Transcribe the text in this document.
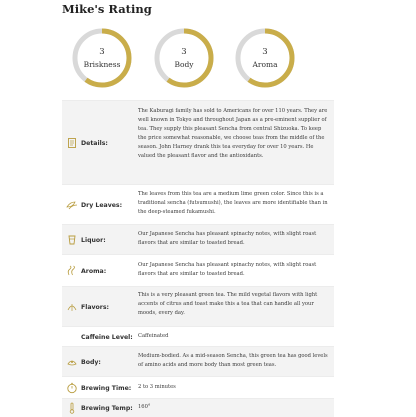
Mike's Rating
3
Briskness
3
Body
3
Aroma
Details:
The Kaburagi family has sold to Americans for over 110 years. They are well known in Tokyo and throughout Japan as a pre-eminent supplier of tea. They supply this pleasant Sencha from central Shizuoka. To keep the price somewhat reasonable, we choose teas from the middle of the season. John Harney drank this tea everyday for over 10 years. He valued the pleasant flavor and the antioxidants.
Dry Leaves:
The leaves from this tea are a medium lime green color. Since this is a traditional sencha (futsumushi), the leaves are more identifiable than in the deep-steamed fukamushi.
Liquor:
Our Japanese Sencha has pleasant spinachy notes, with slight roast flavors that are similar to toasted bread.
Aroma:
Our Japanese Sencha has pleasant spinachy notes, with slight roast flavors that are similar to toasted bread.
Flavors:
This is a very pleasant green tea. The mild vegetal flavors with light accents of citrus and toast make this a tea that can handle all your moods, every day.
Caffeine Level: Caffeinated
Body:
Medium-bodied. As a mid-season Sencha, this green tea has good levels of amino acids and more body than most green teas.
Brewing Time: 2 to 3 minutes
Brewing Temp: 160°
